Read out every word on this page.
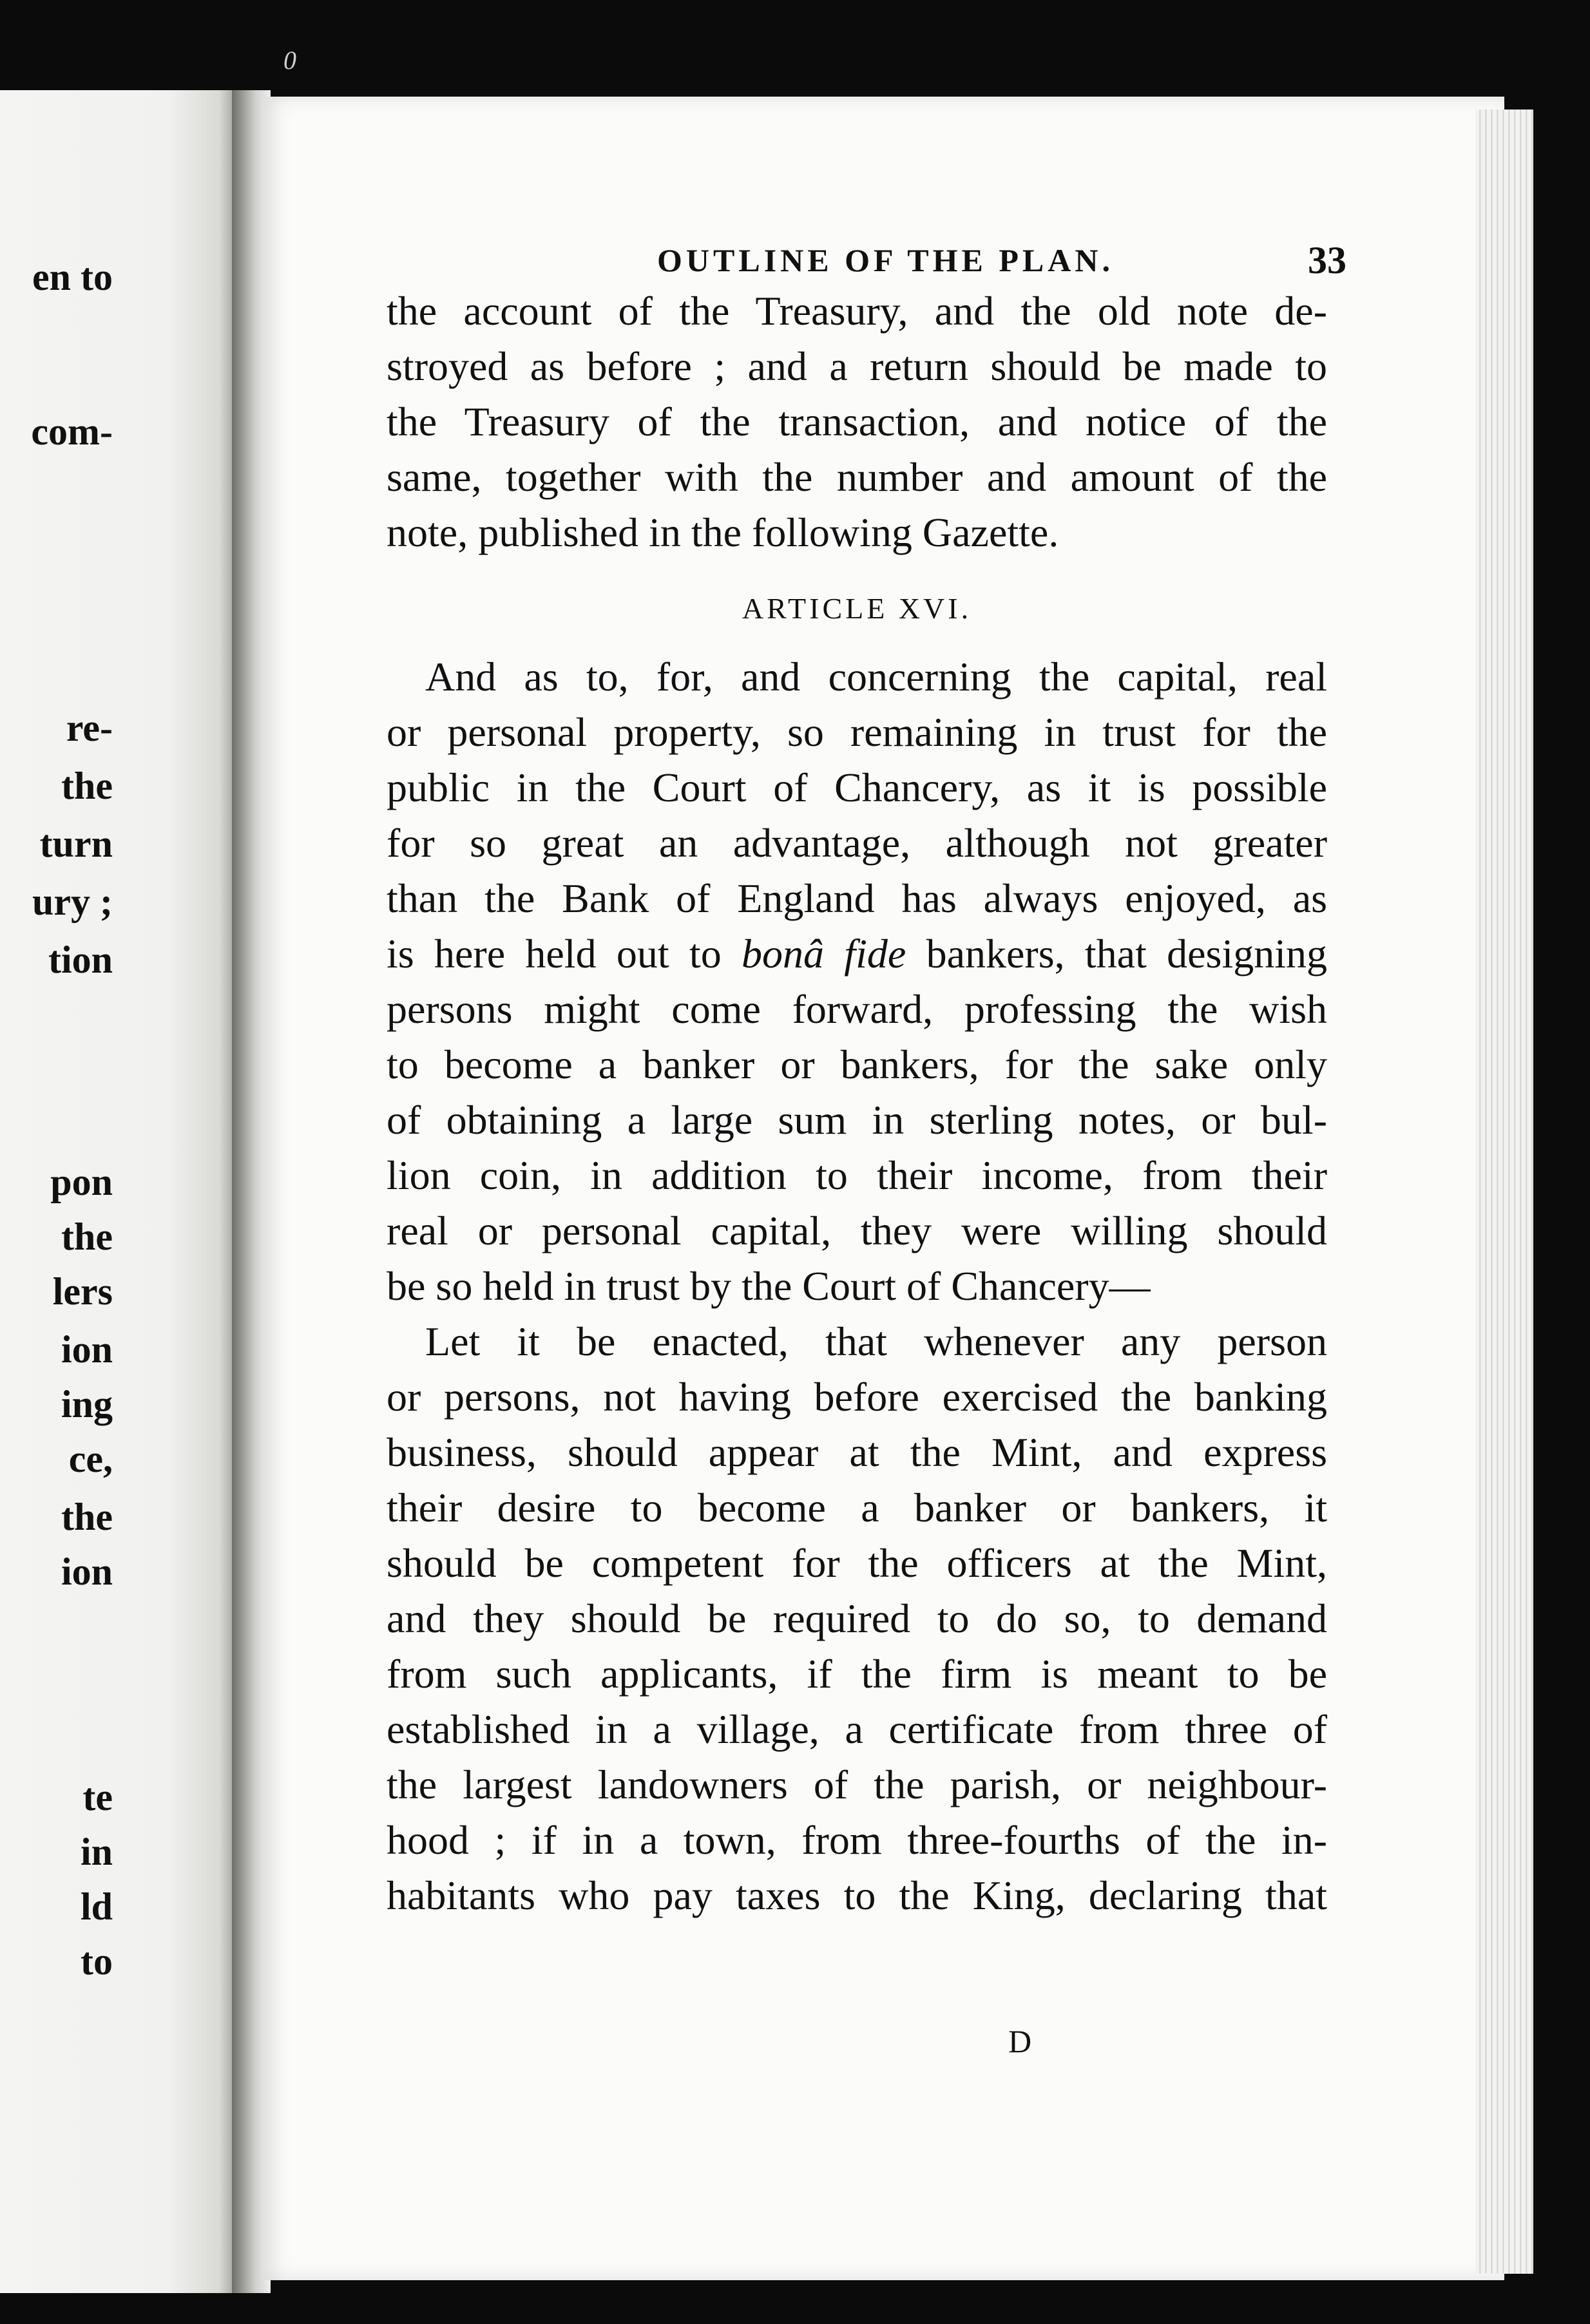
en to
com-
re-
the
turn
ury ;
tion
pon
the
lers
ion
ing
ce,
the
ion
te
in
ld
to
0
OUTLINE OF THE PLAN.	33
the account of the Treasury, and the old note de-
stroyed as before ; and a return should be made to
the Treasury of the transaction, and notice of the
same, together with the number and amount of the
note, published in the following Gazette.
ARTICLE XVI.
And as to, for, and concerning the capital, real
or personal property, so remaining in trust for the
public in the Court of Chancery, as it is possible
for so great an advantage, although not greater
than the Bank of England has always enjoyed, as
is here held out to bonâ fide bankers, that designing
persons might come forward, professing the wish
to become a banker or bankers, for the sake only
of obtaining a large sum in sterling notes, or bul-
lion coin, in addition to their income, from their
real or personal capital, they were willing should
be so held in trust by the Court of Chancery—
Let it be enacted, that whenever any person
or persons, not having before exercised the banking
business, should appear at the Mint, and express
their desire to become a banker or bankers, it
should be competent for the officers at the Mint,
and they should be required to do so, to demand
from such applicants, if the firm is meant to be
established in a village, a certificate from three of
the largest landowners of the parish, or neighbour-
hood ; if in a town, from three-fourths of the in-
habitants who pay taxes to the King, declaring that
D
